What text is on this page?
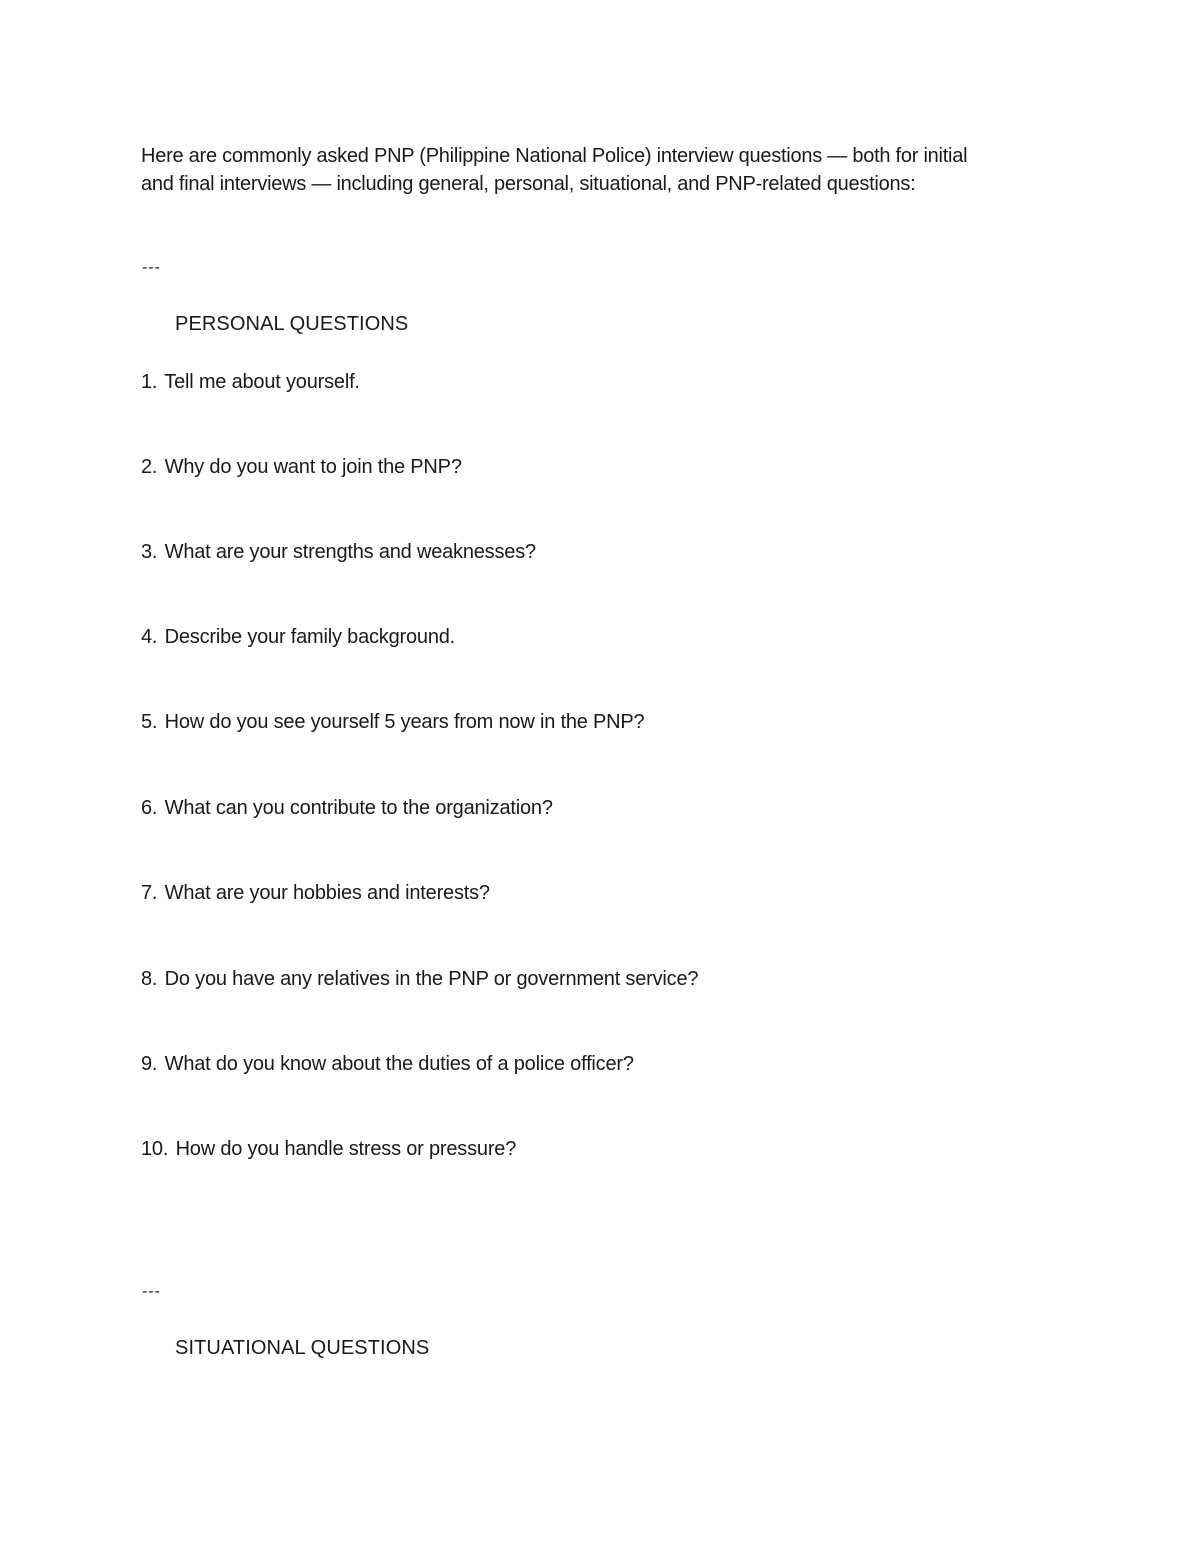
Here are commonly asked PNP (Philippine National Police) interview questions — both for initial
and final interviews — including general, personal, situational, and PNP-related questions:
---
PERSONAL QUESTIONS
1. Tell me about yourself.
2. Why do you want to join the PNP?
3. What are your strengths and weaknesses?
4. Describe your family background.
5. How do you see yourself 5 years from now in the PNP?
6. What can you contribute to the organization?
7. What are your hobbies and interests?
8. Do you have any relatives in the PNP or government service?
9. What do you know about the duties of a police officer?
10. How do you handle stress or pressure?
---
SITUATIONAL QUESTIONS
